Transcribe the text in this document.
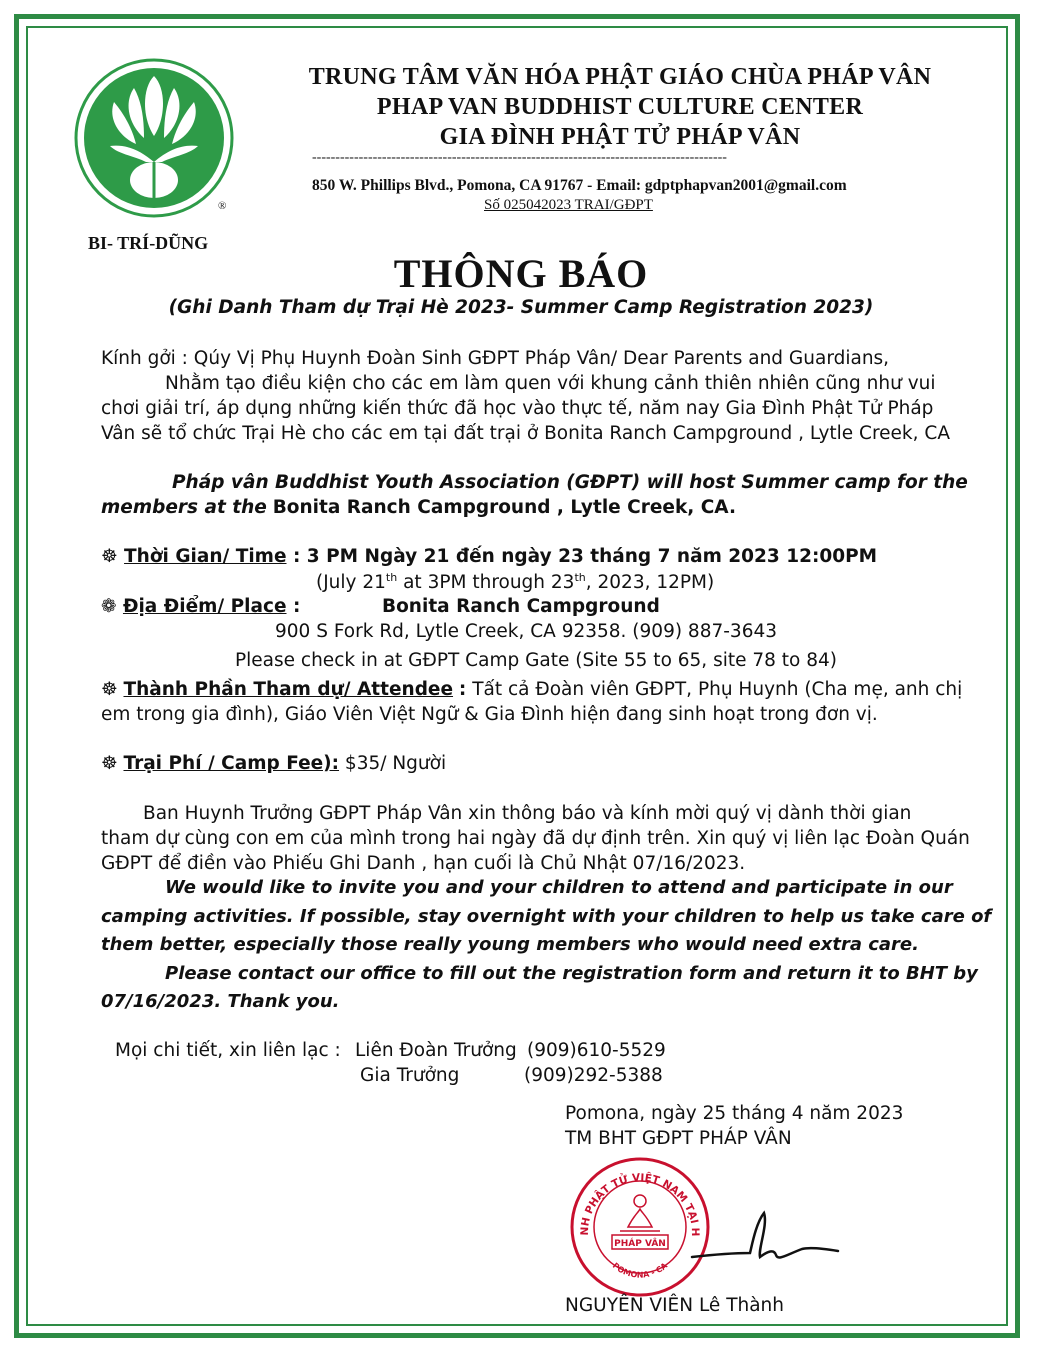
®
BI- TRÍ-DŨNG
TRUNG TÂM VĂN HÓA PHẬT GIÁO CHÙA PHÁP VÂN
PHAP VAN BUDDHIST CULTURE CENTER
GIA ĐÌNH PHẬT TỬ PHÁP VÂN
-----------------------------------------------------------------------------------------
850 W. Phillips Blvd., Pomona, CA 91767 - Email: gdptphapvan2001@gmail.com
Số 025042023 TRAI/GĐPT
THÔNG BÁO
(Ghi Danh Tham dự Trại Hè 2023- Summer Camp Registration 2023)
Kính gởi : Qúy Vị Phụ Huynh Đoàn Sinh GĐPT Pháp Vân/ Dear Parents and Guardians,
Nhằm tạo điều kiện cho các em làm quen với khung cảnh thiên nhiên cũng như vui
chơi giải trí, áp dụng những kiến thức đã học vào thực tế, năm nay Gia Đình Phật Tử Pháp
Vân sẽ tổ chức Trại Hè cho các em tại đất trại ở Bonita Ranch Campground , Lytle Creek, CA
Pháp vân Buddhist Youth Association (GĐPT) will host Summer camp for the
members at the Bonita Ranch Campground , Lytle Creek, CA.
☸ Thời Gian/ Time : 3 PM Ngày 21 đến ngày 23 tháng 7 năm 2023 12:00PM
(July 21th at 3PM through 23th, 2023, 12PM)
❁ Địa Điểm/ Place :	Bonita Ranch Campground
900 S Fork Rd, Lytle Creek, CA 92358. (909) 887-3643
Please check in at GĐPT Camp Gate (Site 55 to 65, site 78 to 84)
☸ Thành Phần Tham dự/ Attendee : Tất cả Đoàn viên GĐPT, Phụ Huynh (Cha mẹ, anh chị
em trong gia đình), Giáo Viên Việt Ngữ & Gia Đình hiện đang sinh hoạt trong đơn vị.
☸ Trại Phí / Camp Fee): $35/ Người
Ban Huynh Trưởng GĐPT Pháp Vân xin thông báo và kính mời quý vị dành thời gian
tham dự cùng con em của mình trong hai ngày đã dự định trên. Xin quý vị liên lạc Đoàn Quán
GĐPT để điền vào Phiếu Ghi Danh , hạn cuối là Chủ Nhật 07/16/2023.
We would like to invite you and your children to attend and participate in our
camping activities. If possible, stay overnight with your children to help us take care of
them better, especially those really young members who would need extra care.
Please contact our office to fill out the registration form and return it to BHT by
07/16/2023. Thank you.
Mọi chi tiết, xin liên lạc : Liên Đoàn Trưởng (909)610-5529
Gia Trưởng	(909)292-5388
Pomona, ngày 25 tháng 4 năm 2023
TM BHT GĐPT PHÁP VÂN
NH PHẬT TỬ VIỆT NAM TẠI H
POMONA - CA
PHÁP VÂN
NGUYÊN VIÊN Lê Thành
